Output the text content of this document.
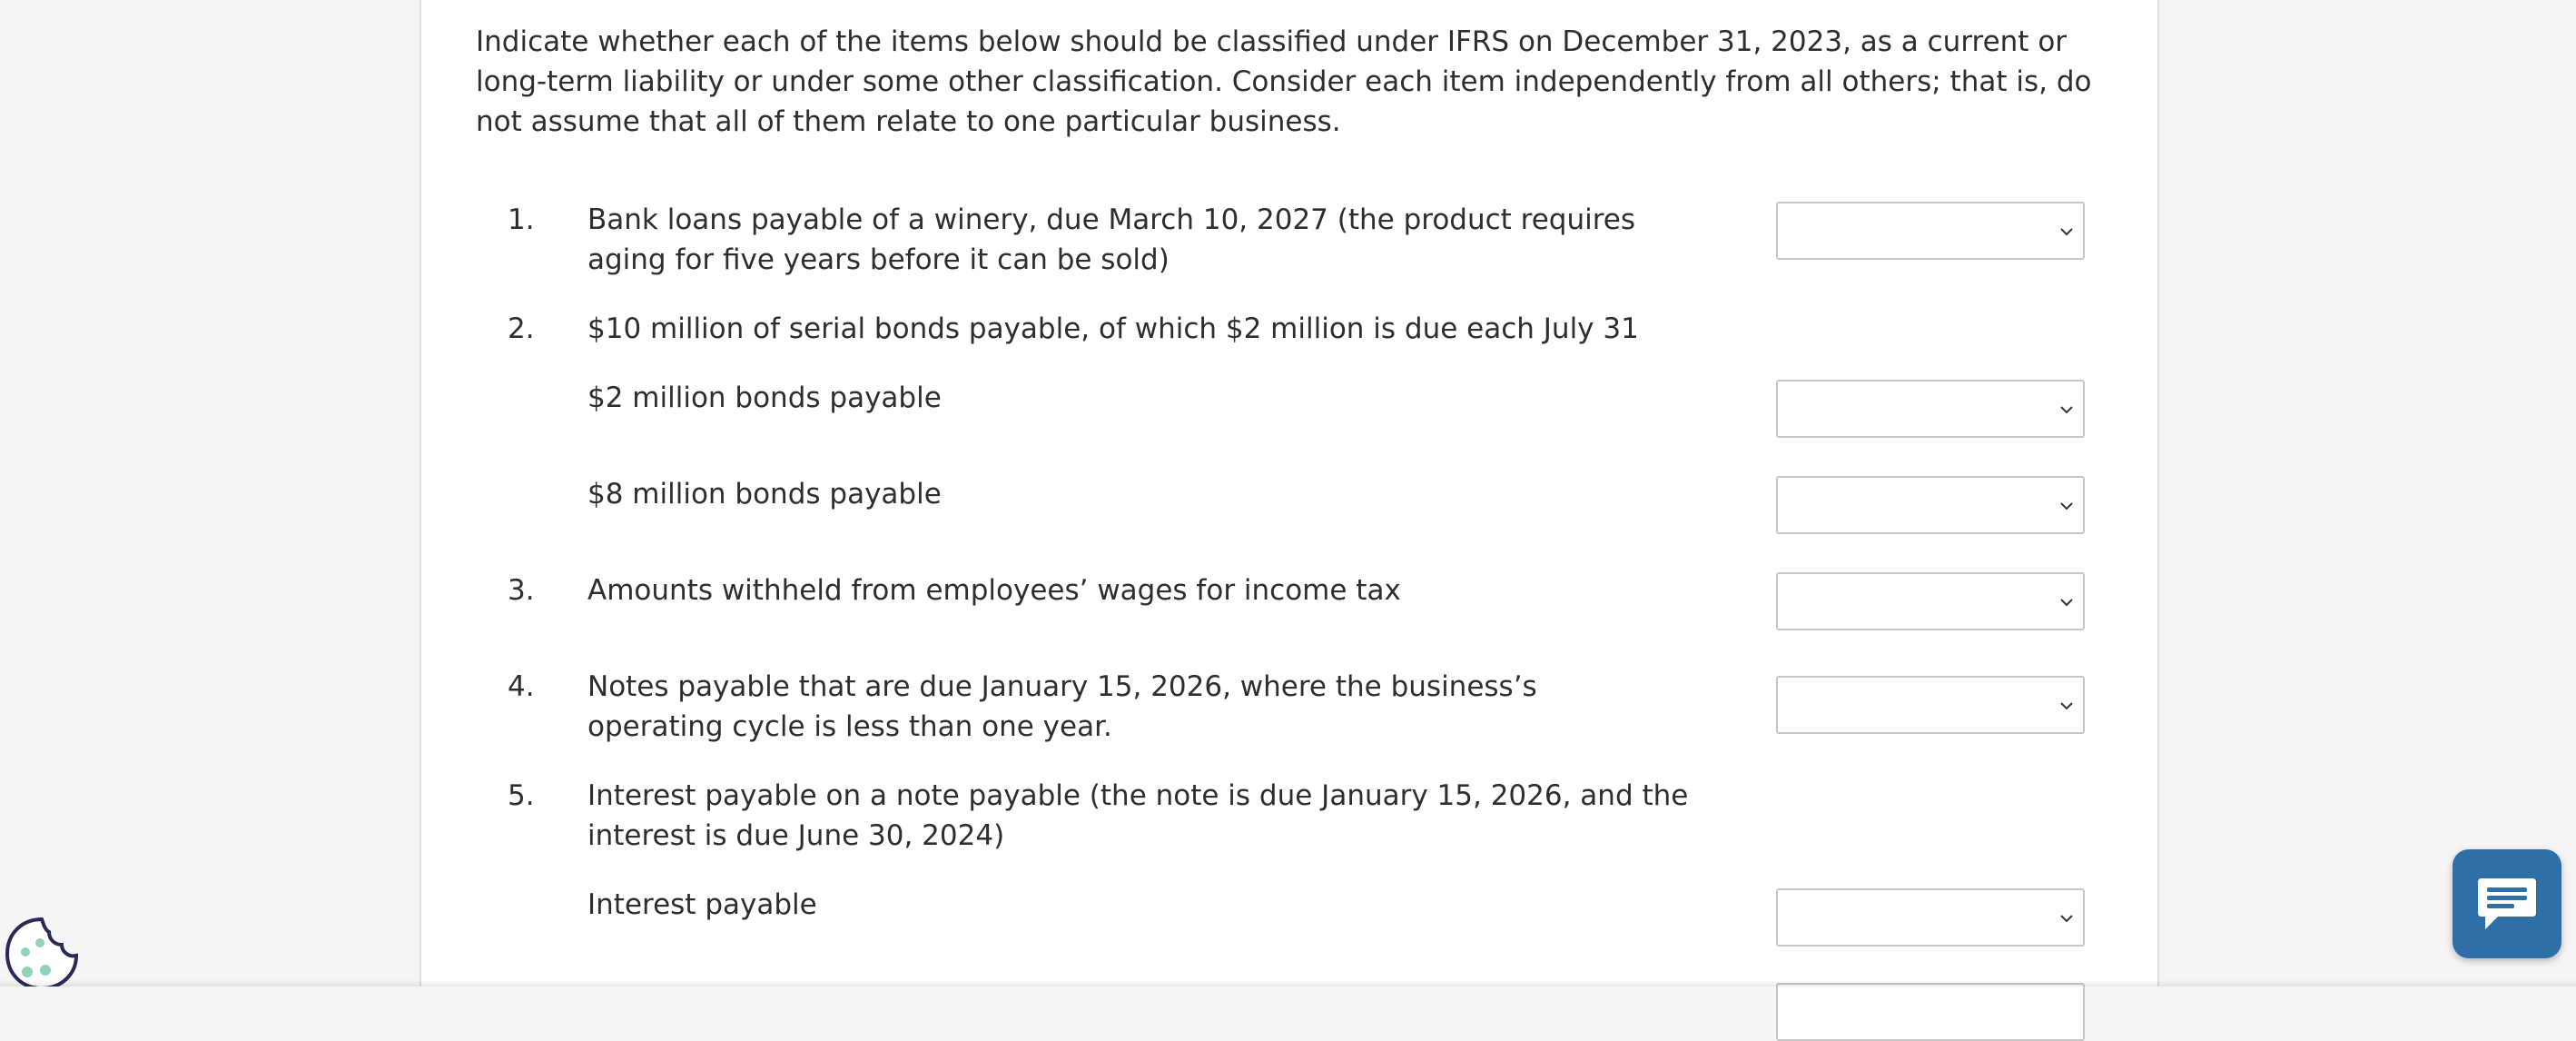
Indicate whether each of the items below should be classified under IFRS on December 31, 2023, as a current or long-term liability or under some other classification. Consider each item independently from all others; that is, do not assume that all of them relate to one particular business.

1.	Bank loans payable of a winery, due March 10, 2027 (the product requires aging for five years before it can be sold)
2.	$10 million of serial bonds payable, of which $2 million is due each July 31
$2 million bonds payable
$8 million bonds payable
3.	Amounts withheld from employees’ wages for income tax
4.	Notes payable that are due January 15, 2026, where the business’s operating cycle is less than one year.
5.	Interest payable on a note payable (the note is due January 15, 2026, and the interest is due June 30, 2024)
Interest payable
